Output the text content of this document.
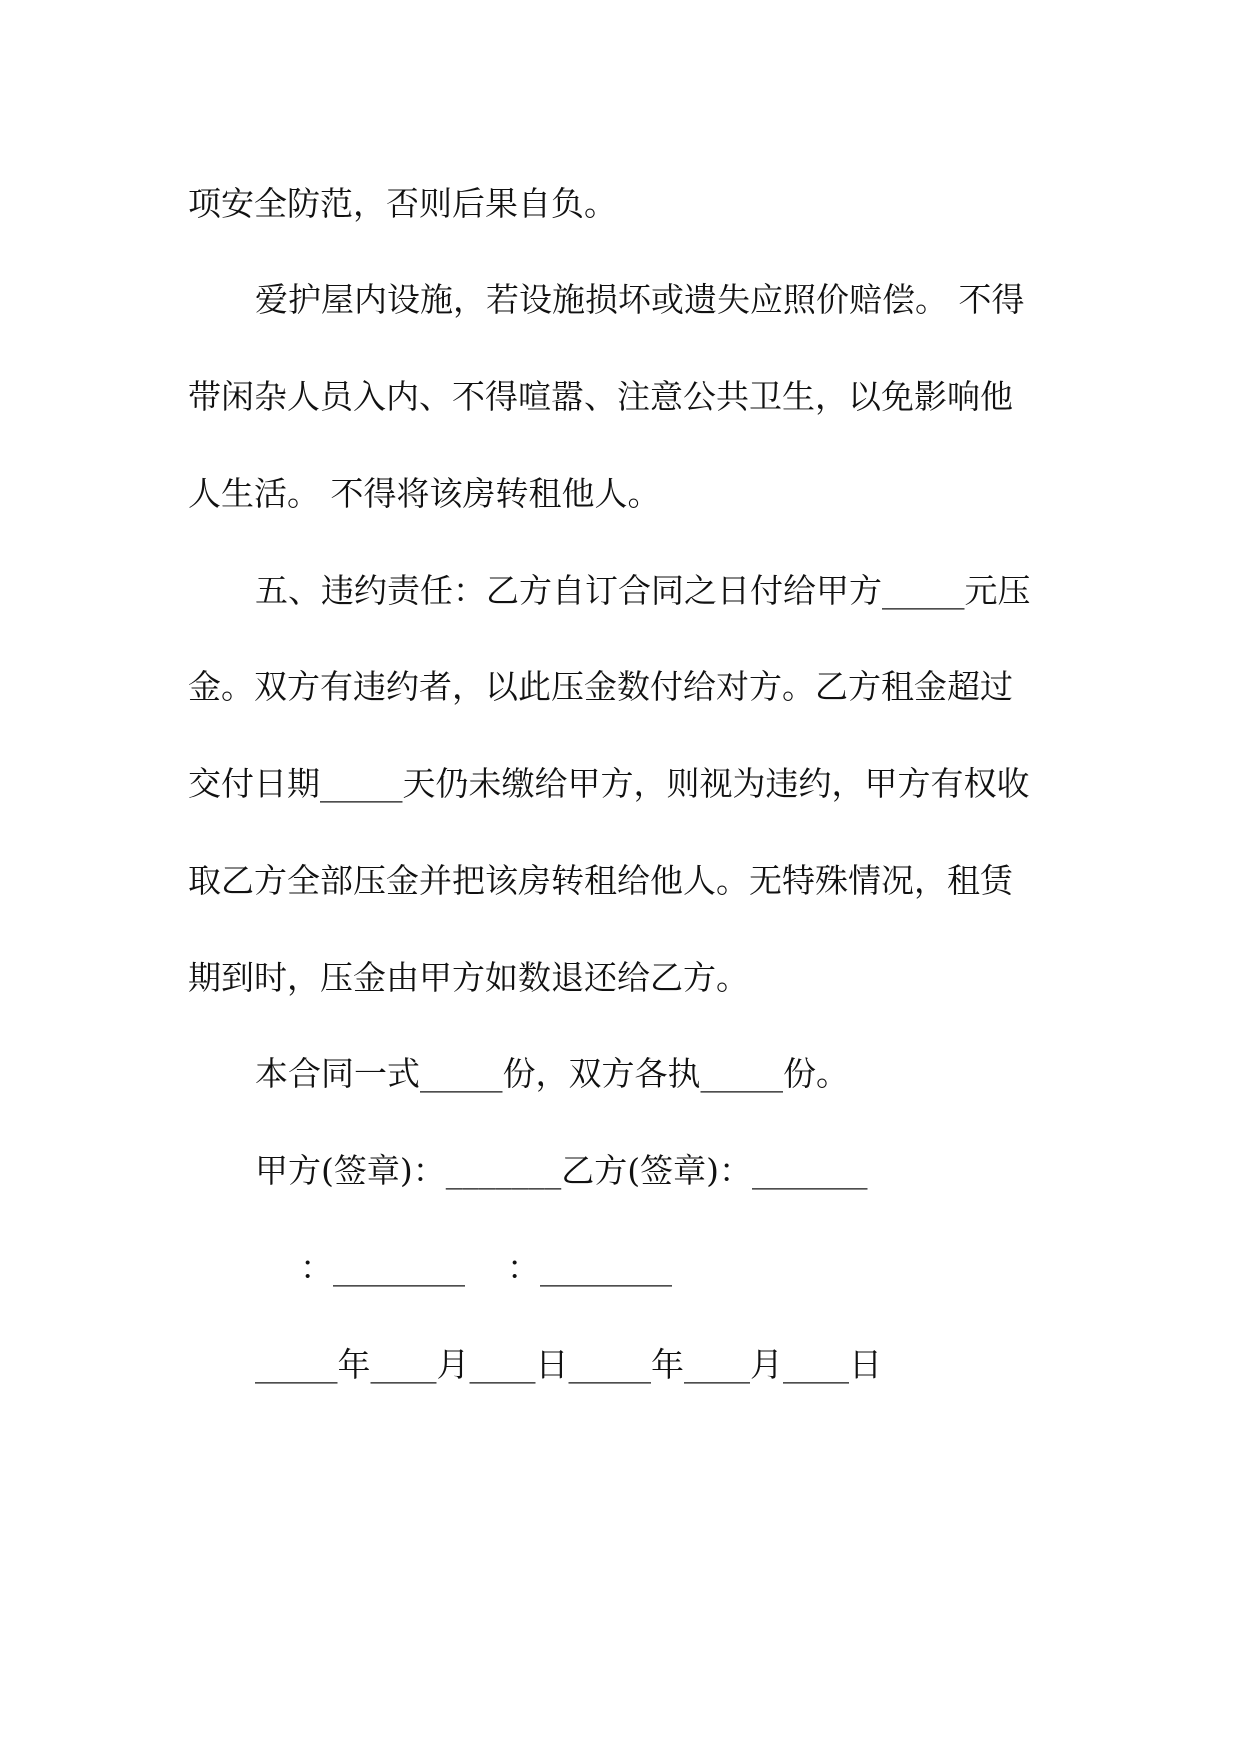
项安全防范，否则后果自负。
爱护屋内设施，若设施损坏或遗失应照价赔偿。 不得
带闲杂人员入内、不得喧嚣、注意公共卫生，以免影响他
人生活。 不得将该房转租他人。
五、违约责任：乙方自订合同之日付给甲方_____元压
金。双方有违约者，以此压金数付给对方。乙方租金超过
交付日期_____天仍未缴给甲方，则视为违约，甲方有权收
取乙方全部压金并把该房转租给他人。无特殊情况，租赁
期到时，压金由甲方如数退还给乙方。
本合同一式_____份，双方各执_____份。
甲方(签章)：_______乙方(签章)：_______
：________    ：________
_____年____月____日_____年____月____日
